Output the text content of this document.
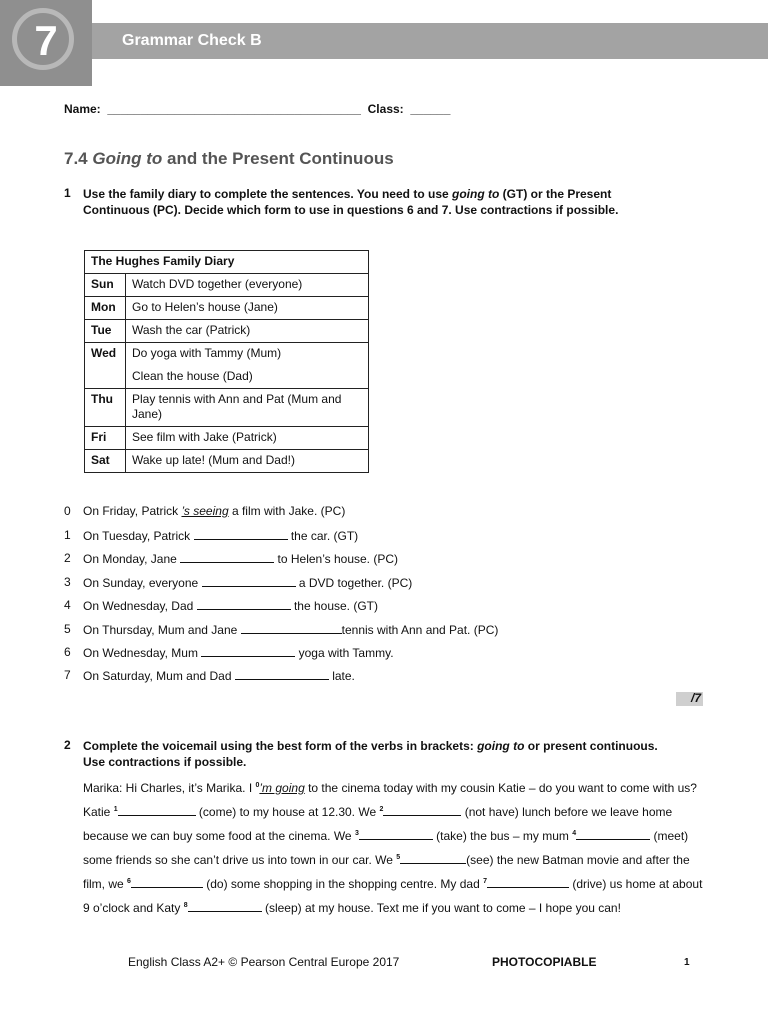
7	Grammar Check B
Name: ______________________________________ Class: ______
7.4 Going to and the Present Continuous
1 Use the family diary to complete the sentences. You need to use going to (GT) or the Present
Continuous (PC). Decide which form to use in questions 6 and 7. Use contractions if possible.
The Hughes Family Diary	
Sun	Watch DVD together (everyone)
Mon	Go to Helen’s house (Jane)
Tue	Wash the car (Patrick)
Wed	Do yoga with Tammy (Mum)
Clean the house (Dad)

Thu	Play tennis with Ann and Pat (Mum and Jane)
Fri	See film with Jake (Patrick)
Sat	Wake up late! (Mum and Dad!)
0 On Friday, Patrick ’s seeing a film with Jake. (PC)
1 On Tuesday, Patrick	the car. (GT)
2 On Monday, Jane	to Helen’s house. (PC)
3 On Sunday, everyone	a DVD together. (PC)
4 On Wednesday, Dad	the house. (GT)
5 On Thursday, Mum and Jane	tennis with Ann and Pat. (PC)
6 On Wednesday, Mum	yoga with Tammy.
7 On Saturday, Mum and Dad	late.
/7
2 Complete the voicemail using the best form of the verbs in brackets: going to or present continuous.
Use contractions if possible.
Marika: Hi Charles, it’s Marika. I $^0$’m going to the cinema today with my cousin Katie – do you want to come with us? Katie $^1$	(come) to my house at 12.30. We $^2$	(not have) lunch before we leave home because we can buy some food at the cinema. We $^3$	(take) the bus – my mum $^4$	(meet) some friends so she can’t drive us into town in our car. We $^5$	(see) the new Batman movie and after the film, we $^6$	(do) some shopping in the shopping centre. My dad $^7$	(drive) us home at about 9 o’clock and Katy $^8$	(sleep) at my house. Text me if you want to come – I hope you can!
English Class A2+ © Pearson Central Europe 2017	PHOTOCOPIABLE	1
